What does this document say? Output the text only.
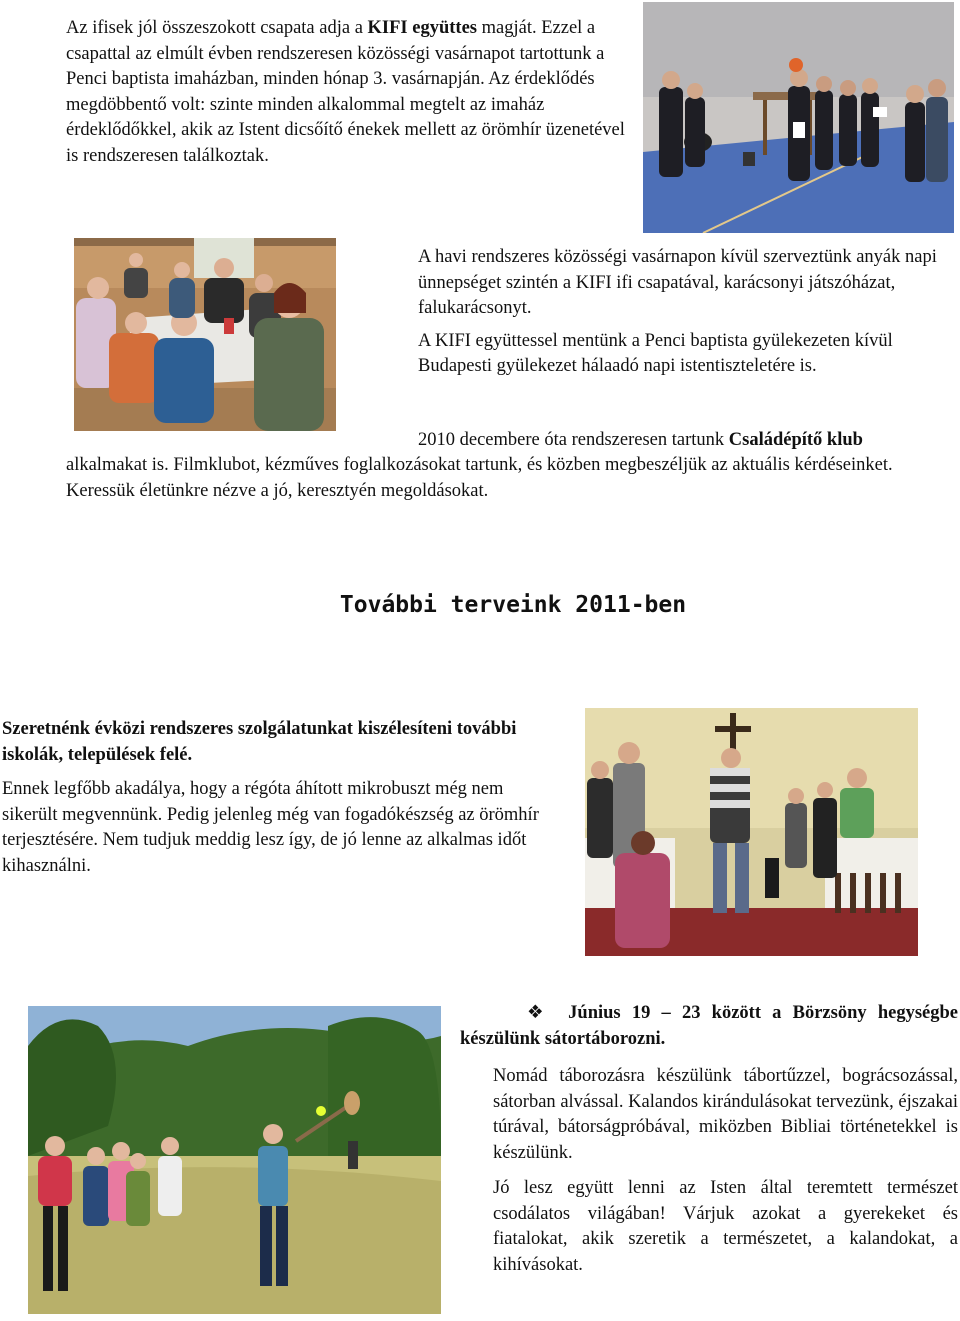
Az ifisek jól összeszokott csapata adja a KIFI együttes magját. Ezzel a csapattal az elmúlt évben rendszeresen közösségi vasárnapot tartottunk a Penci baptista imaházban, minden hónap 3. vasárnapján. Az érdeklődés megdöbbentő volt: szinte minden alkalommal megtelt az imaház érdeklődőkkel, akik az Istent dicsőítő énekek mellett az örömhír üzenetével is rendszeresen találkoztak.

A havi rendszeres közösségi vasárnapon kívül szerveztünk anyák napi ünnepséget szintén a KIFI ifi csapatával, karácsonyi játszóházat, falukarácsonyt.

A KIFI együttessel mentünk a Penci baptista gyülekezeten kívül Budapesti gyülekezet hálaadó napi istentiszteletére is.

2010 decembere óta rendszeresen tartunk Családépítő klub
alkalmakat is. Filmklubot, kézműves foglalkozásokat tartunk, és közben megbeszéljük az aktuális kérdéseinket. Keressük életünkre nézve a jó, keresztyén megoldásokat.
További terveink 2011-ben

Szeretnénk évközi rendszeres szolgálatunkat kiszélesíteni további iskolák, települések felé.

Ennek legfőbb akadálya, hogy a régóta áhított mikrobuszt még nem sikerült megvennünk. Pedig jelenleg még van fogadókészség az örömhír terjesztésére. Nem tudjuk meddig lesz így, de jó lenne az alkalmas időt kihasználni.

❖ Június 19 – 23 között a Börzsöny hegységbe készülünk sátortáborozni.

Nomád táborozásra készülünk tábortűzzel, bográcsozással, sátorban alvással. Kalandos kirándulásokat tervezünk, éjszakai túrával, bátorságpróbával, miközben Bibliai történetekkel is készülünk.

Jó lesz együtt lenni az Isten által teremtett természet csodálatos világában! Várjuk azokat a gyerekeket és fiatalokat, akik szeretik a természetet, a kalandokat, a kihívásokat.
